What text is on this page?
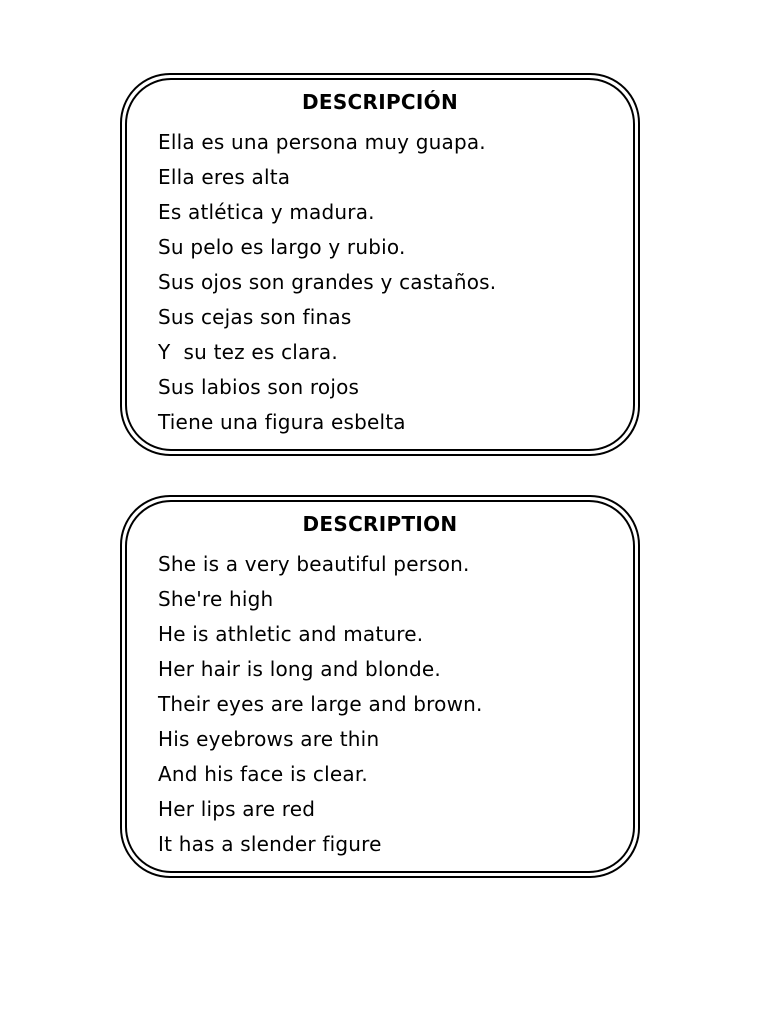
DESCRIPCIÓN
Ella es una persona muy guapa.
Ella eres alta
Es atlética y madura.
Su pelo es largo y rubio.
Sus ojos son grandes y castaños.
Sus cejas son finas
Y  su tez es clara.
Sus labios son rojos
Tiene una figura esbelta
DESCRIPTION
She is a very beautiful person.
She're high
He is athletic and mature.
Her hair is long and blonde.
Their eyes are large and brown.
His eyebrows are thin
And his face is clear.
Her lips are red
It has a slender figure
